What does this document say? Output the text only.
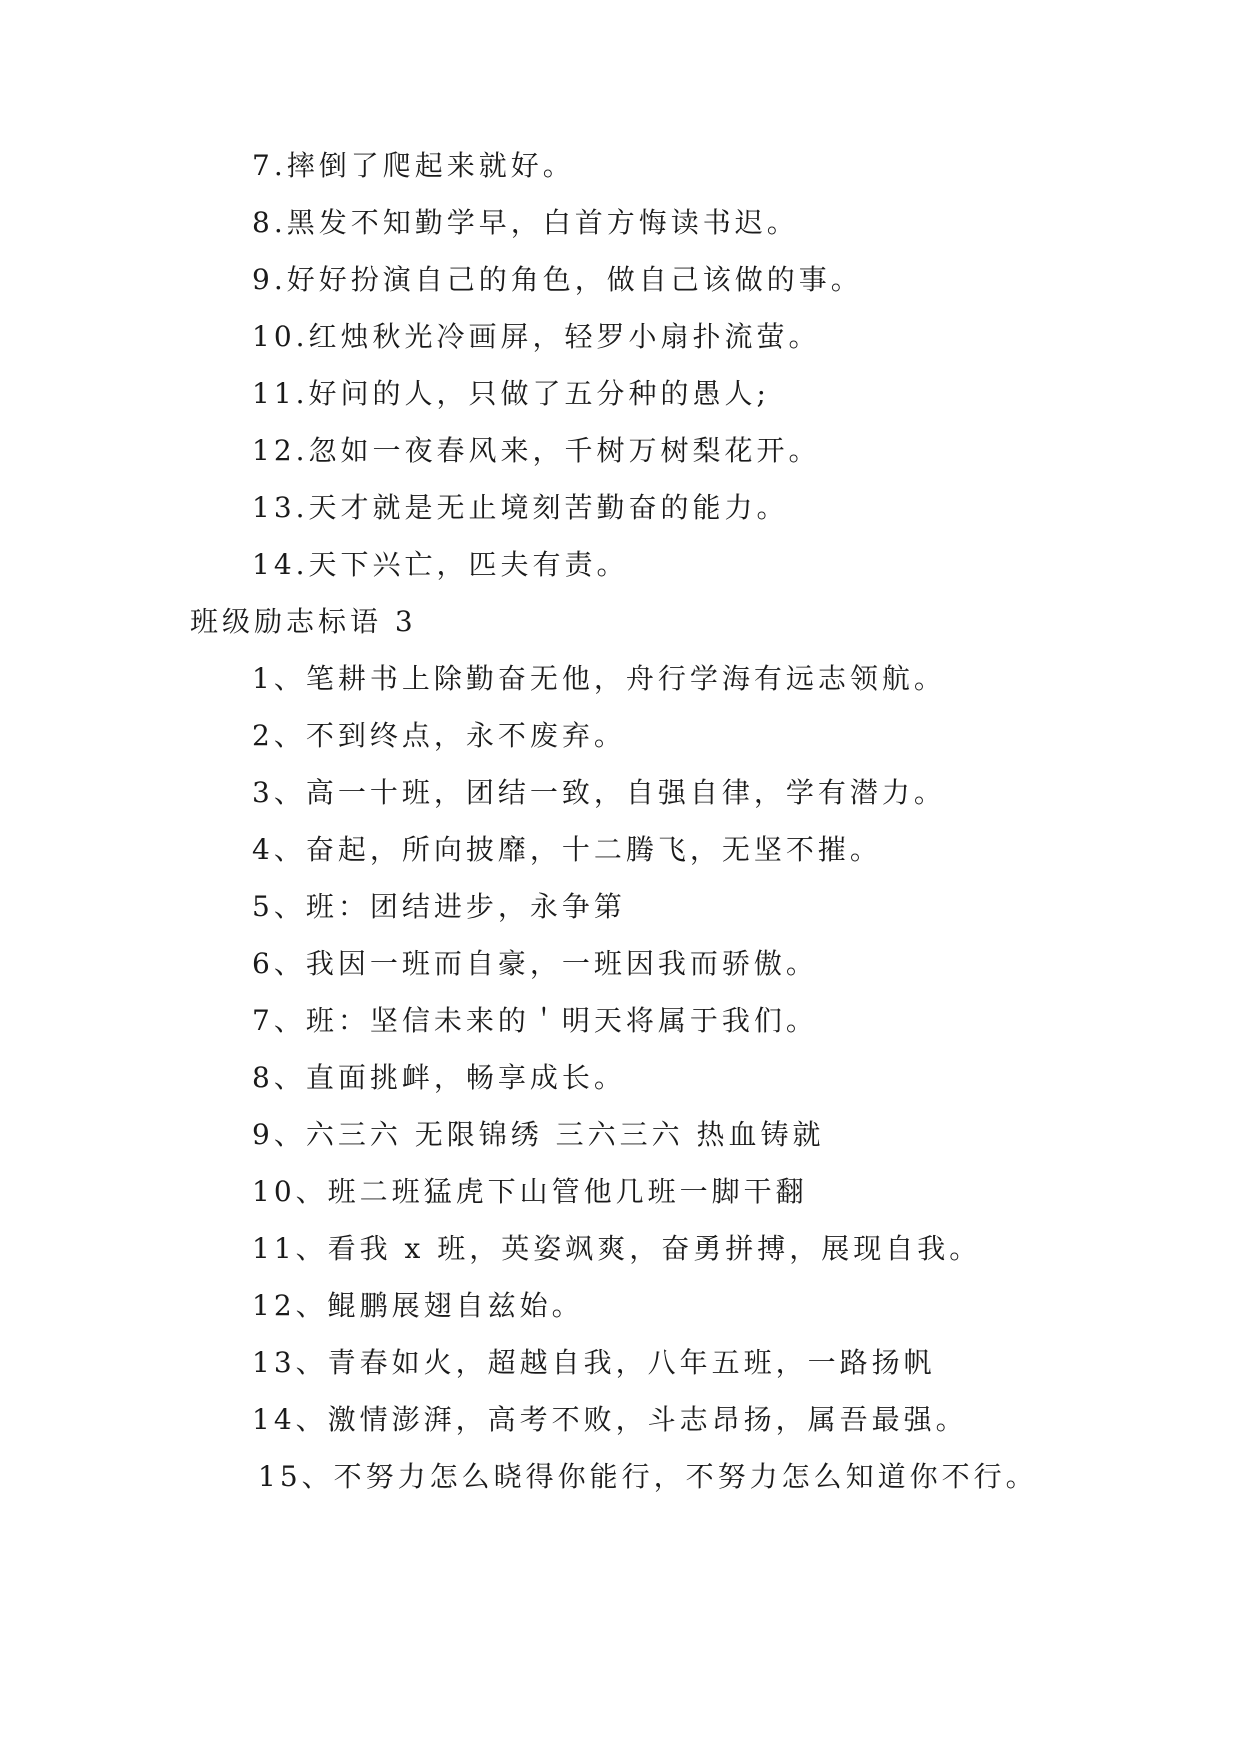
7.摔倒了爬起来就好。
8.黑发不知勤学早，白首方悔读书迟。
9.好好扮演自己的角色，做自己该做的事。
10.红烛秋光冷画屏，轻罗小扇扑流萤。
11.好问的人，只做了五分种的愚人;
12.忽如一夜春风来，千树万树梨花开。
13.天才就是无止境刻苦勤奋的能力。
14.天下兴亡，匹夫有责。
班级励志标语 3
1、笔耕书上除勤奋无他，舟行学海有远志领航。
2、不到终点，永不废弃。
3、高一十班，团结一致，自强自律，学有潜力。
4、奋起，所向披靡，十二腾飞，无坚不摧。
5、班：团结进步，永争第
6、我因一班而自豪，一班因我而骄傲。
7、班：坚信未来的＇明天将属于我们。
8、直面挑衅，畅享成长。
9、六三六 无限锦绣 三六三六 热血铸就
10、班二班猛虎下山管他几班一脚干翻
11、看我 x 班，英姿飒爽，奋勇拼搏，展现自我。
12、鲲鹏展翅自兹始。
13、青春如火，超越自我，八年五班，一路扬帆
14、激情澎湃，高考不败，斗志昂扬，属吾最强。
15、不努力怎么晓得你能行，不努力怎么知道你不行。
